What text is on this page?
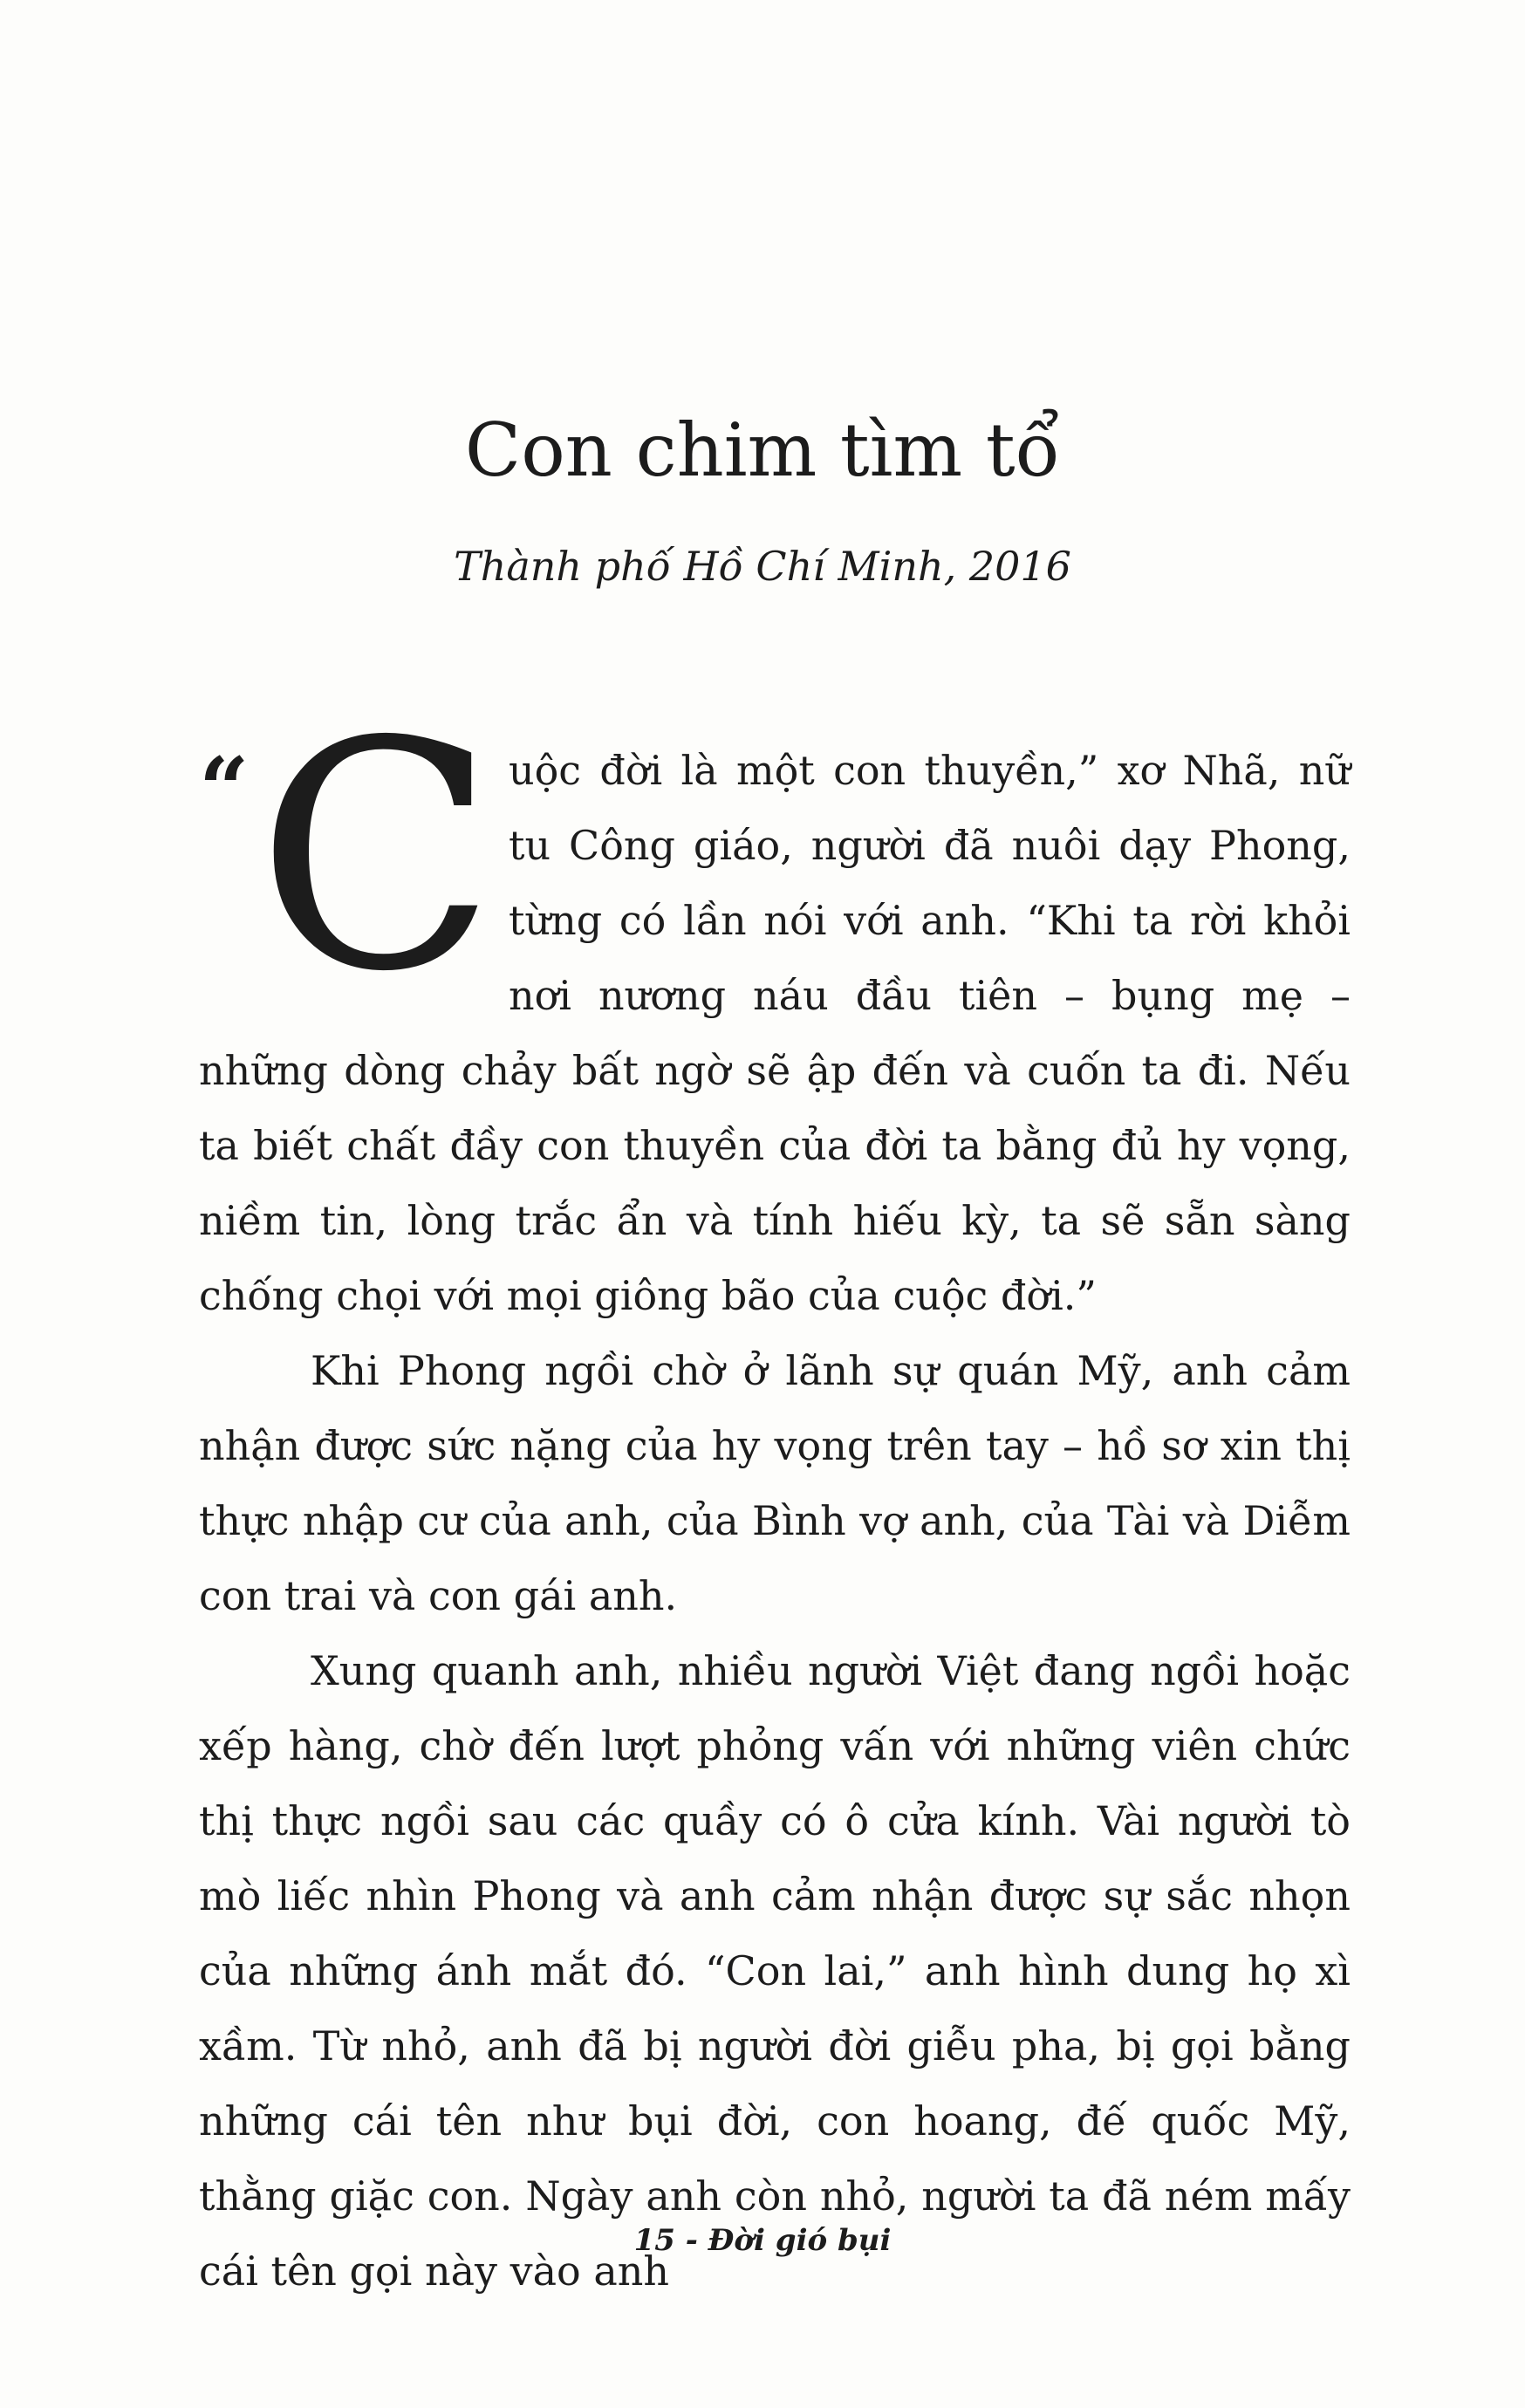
Con chim tìm tổ
Thành phố Hồ Chí Minh, 2016

“ C uộc đời là một con thuyền,” xơ Nhã, nữ tu Công giáo, người đã nuôi dạy Phong, từng có lần nói với anh. “Khi ta rời khỏi nơi nương náu đầu tiên – bụng mẹ – những dòng chảy bất ngờ sẽ ập đến và cuốn ta đi. Nếu ta biết chất đầy con thuyền của đời ta bằng đủ hy vọng, niềm tin, lòng trắc ẩn và tính hiếu kỳ, ta sẽ sẵn sàng chống chọi với mọi giông bão của cuộc đời.”

Khi Phong ngồi chờ ở lãnh sự quán Mỹ, anh cảm nhận được sức nặng của hy vọng trên tay – hồ sơ xin thị thực nhập cư của anh, của Bình vợ anh, của Tài và Diễm con trai và con gái anh.

Xung quanh anh, nhiều người Việt đang ngồi hoặc xếp hàng, chờ đến lượt phỏng vấn với những viên chức thị thực ngồi sau các quầy có ô cửa kính. Vài người tò mò liếc nhìn Phong và anh cảm nhận được sự sắc nhọn của những ánh mắt đó. “Con lai,” anh hình dung họ xì xầm. Từ nhỏ, anh đã bị người đời giễu pha, bị gọi bằng những cái tên như bụi đời, con hoang, đế quốc Mỹ, thằng giặc con. Ngày anh còn nhỏ, người ta đã ném mấy cái tên gọi này vào anh

15 - Đời gió bụi
